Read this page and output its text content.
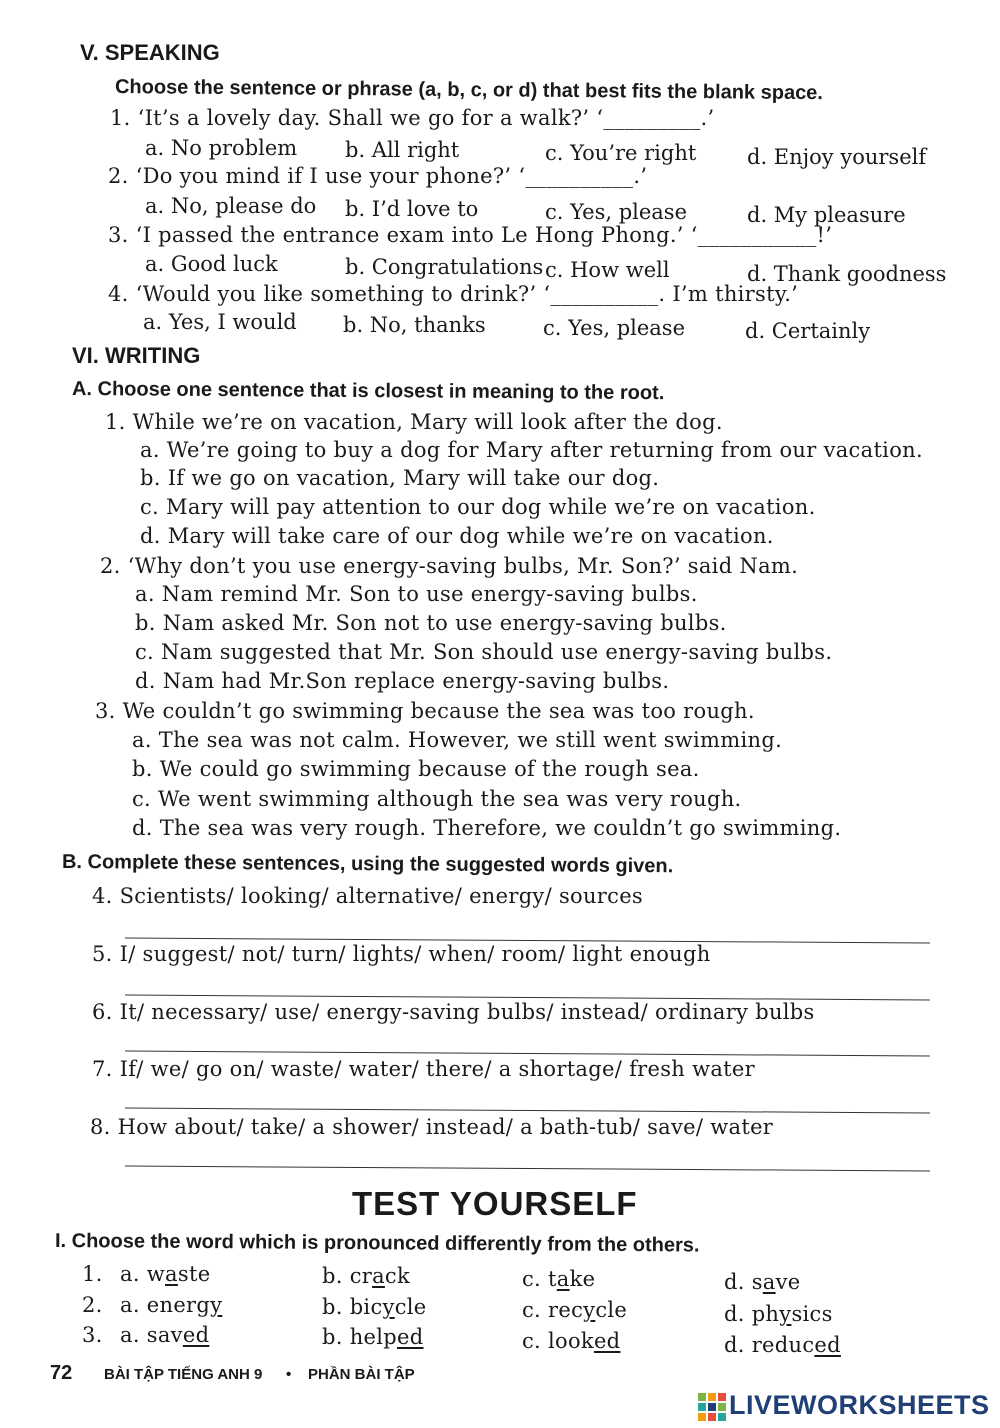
V. SPEAKING
Choose the sentence or phrase (a, b, c, or d) that best fits the blank space.
1. ‘It’s a lovely day. Shall we go for a walk?’ ‘_________.’
a. No problem b. All right	c. You’re right d. Enjoy yourself
2. ‘Do you mind if I use your phone?’ ‘__________.’
a. No, please do b. I’d love to	c. Yes, please	d. My pleasure
3. ‘I passed the entrance exam into Le Hong Phong.’ ‘___________!’
a. Good luck	b. Congratulations c. How well	d. Thank goodness
4. ‘Would you like something to drink?’ ‘__________. I’m thirsty.’
a. Yes, I would b. No, thanks	c. Yes, please	d. Certainly
VI. WRITING
A. Choose one sentence that is closest in meaning to the root.
1. While we’re on vacation, Mary will look after the dog.
a. We’re going to buy a dog for Mary after returning from our vacation.
b. If we go on vacation, Mary will take our dog.
c. Mary will pay attention to our dog while we’re on vacation.
d. Mary will take care of our dog while we’re on vacation.
2. ‘Why don’t you use energy-saving bulbs, Mr. Son?’ said Nam.
a. Nam remind Mr. Son to use energy-saving bulbs.
b. Nam asked Mr. Son not to use energy-saving bulbs.
c. Nam suggested that Mr. Son should use energy-saving bulbs.
d. Nam had Mr.Son replace energy-saving bulbs.
3. We couldn’t go swimming because the sea was too rough.
a. The sea was not calm. However, we still went swimming.
b. We could go swimming because of the rough sea.
c. We went swimming although the sea was very rough.
d. The sea was very rough. Therefore, we couldn’t go swimming.
B. Complete these sentences, using the suggested words given.
4. Scientists/ looking/ alternative/ energy/ sources
5. I/ suggest/ not/ turn/ lights/ when/ room/ light enough
6. It/ necessary/ use/ energy-saving bulbs/ instead/ ordinary bulbs
7. If/ we/ go on/ waste/ water/ there/ a shortage/ fresh water
8. How about/ take/ a shower/ instead/ a bath-tub/ save/ water
TEST YOURSELF
I. Choose the word which is pronounced differently from the others.
1. a. waste	b. crack	c. take	d. save
2. a. energy	b. bicycle	c. recycle	d. physics
3. a. saved	b. helped	c. looked	d. reduced
72 BÀI TẬP TIẾNG ANH 9 • PHẦN BÀI TẬP
LIVEWORKSHEETS
